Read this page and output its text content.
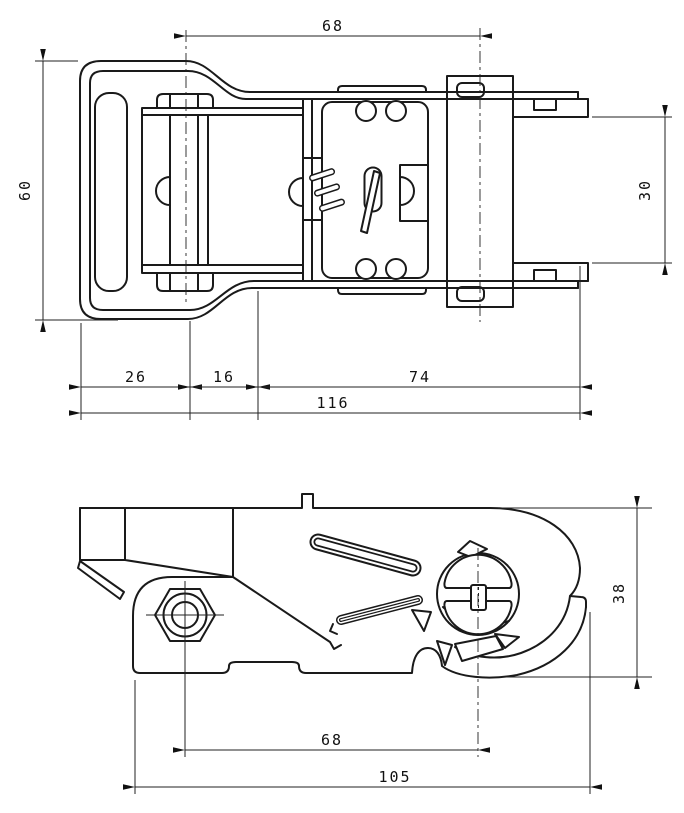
68
60	30
26	16	74
116
38
68
105
